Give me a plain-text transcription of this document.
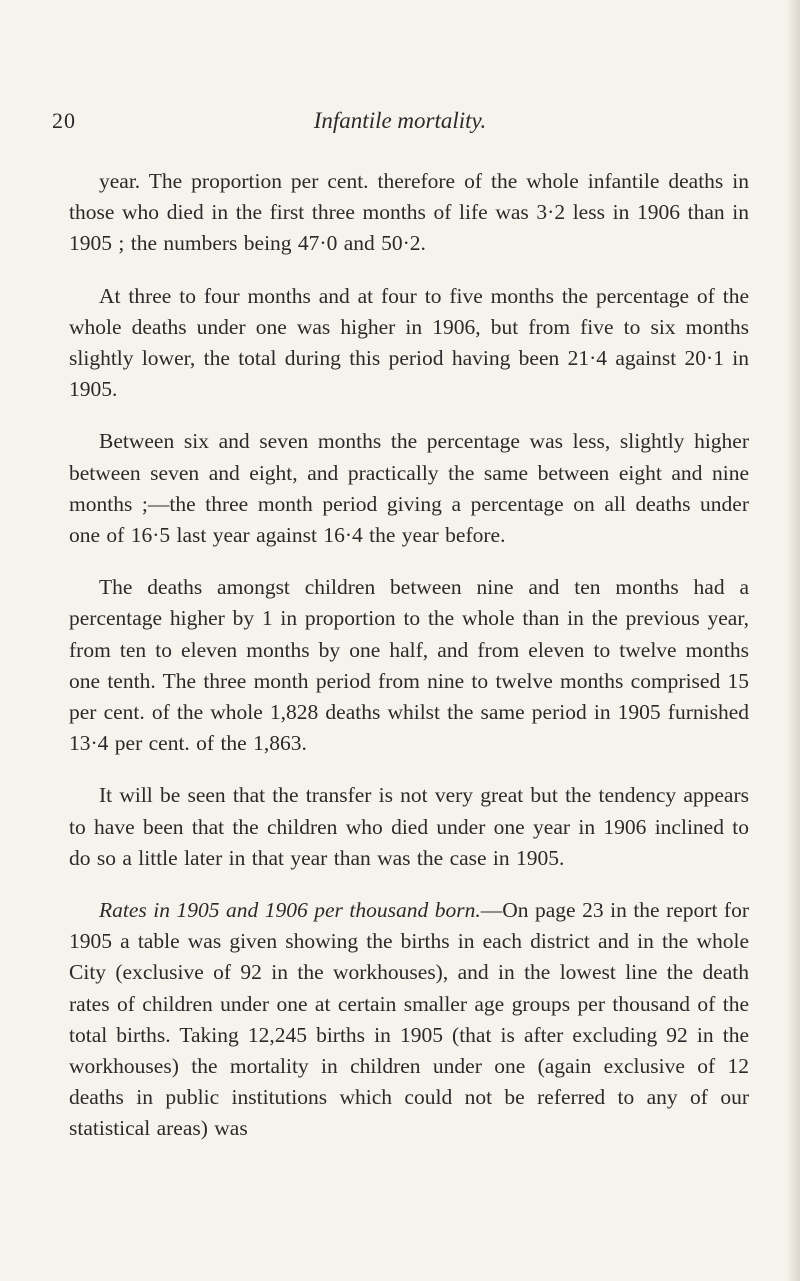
20	Infantile mortality.

year. The proportion per cent. therefore of the whole infantile deaths in those who died in the first three months of life was 3·2 less in 1906 than in 1905 ; the numbers being 47·0 and 50·2.

At three to four months and at four to five months the percentage of the whole deaths under one was higher in 1906, but from five to six months slightly lower, the total during this period having been 21·4 against 20·1 in 1905.

Between six and seven months the percentage was less, slightly higher between seven and eight, and practically the same between eight and nine months ;—the three month period giving a percentage on all deaths under one of 16·5 last year against 16·4 the year before.

The deaths amongst children between nine and ten months had a percentage higher by 1 in proportion to the whole than in the previous year, from ten to eleven months by one half, and from eleven to twelve months one tenth. The three month period from nine to twelve months comprised 15 per cent. of the whole 1,828 deaths whilst the same period in 1905 furnished 13·4 per cent. of the 1,863.

It will be seen that the transfer is not very great but the tendency appears to have been that the children who died under one year in 1906 inclined to do so a little later in that year than was the case in 1905.

Rates in 1905 and 1906 per thousand born.—On page 23 in the report for 1905 a table was given showing the births in each district and in the whole City (exclusive of 92 in the workhouses), and in the lowest line the death rates of children under one at certain smaller age groups per thousand of the total births. Taking 12,245 births in 1905 (that is after excluding 92 in the workhouses) the mortality in children under one (again exclusive of 12 deaths in public institutions which could not be referred to any of our statistical areas) was
